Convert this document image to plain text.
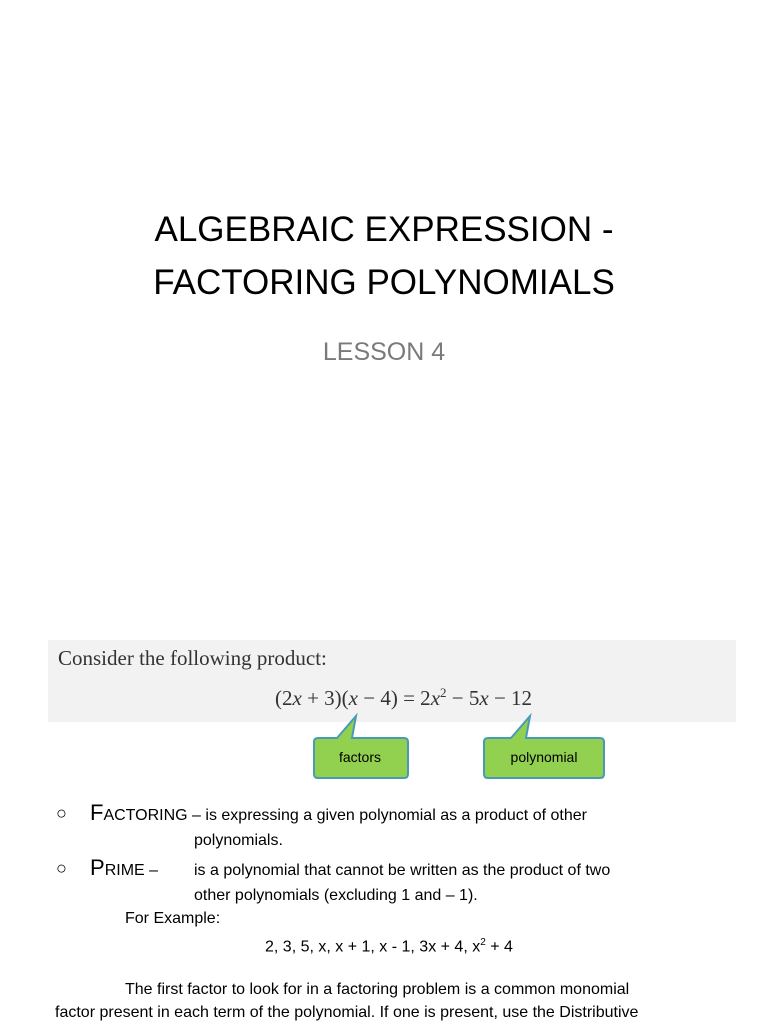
ALGEBRAIC EXPRESSION -
FACTORING POLYNOMIALS
LESSON 4
Consider the following product:
$(2x + 3)(x - 4) = 2x^2 - 5x - 12$
factors	polynomial
○ FACTORING – is expressing a given polynomial as a product of other
polynomials.
○ PRIME – is a polynomial that cannot be written as the product of two
other polynomials (excluding 1 and – 1).
For Example:
2, 3, 5, x, x + 1, x - 1, 3x + 4, $x^2 + 4$
The first factor to look for in a factoring problem is a common monomial
factor present in each term of the polynomial. If one is present, use the Distributive
